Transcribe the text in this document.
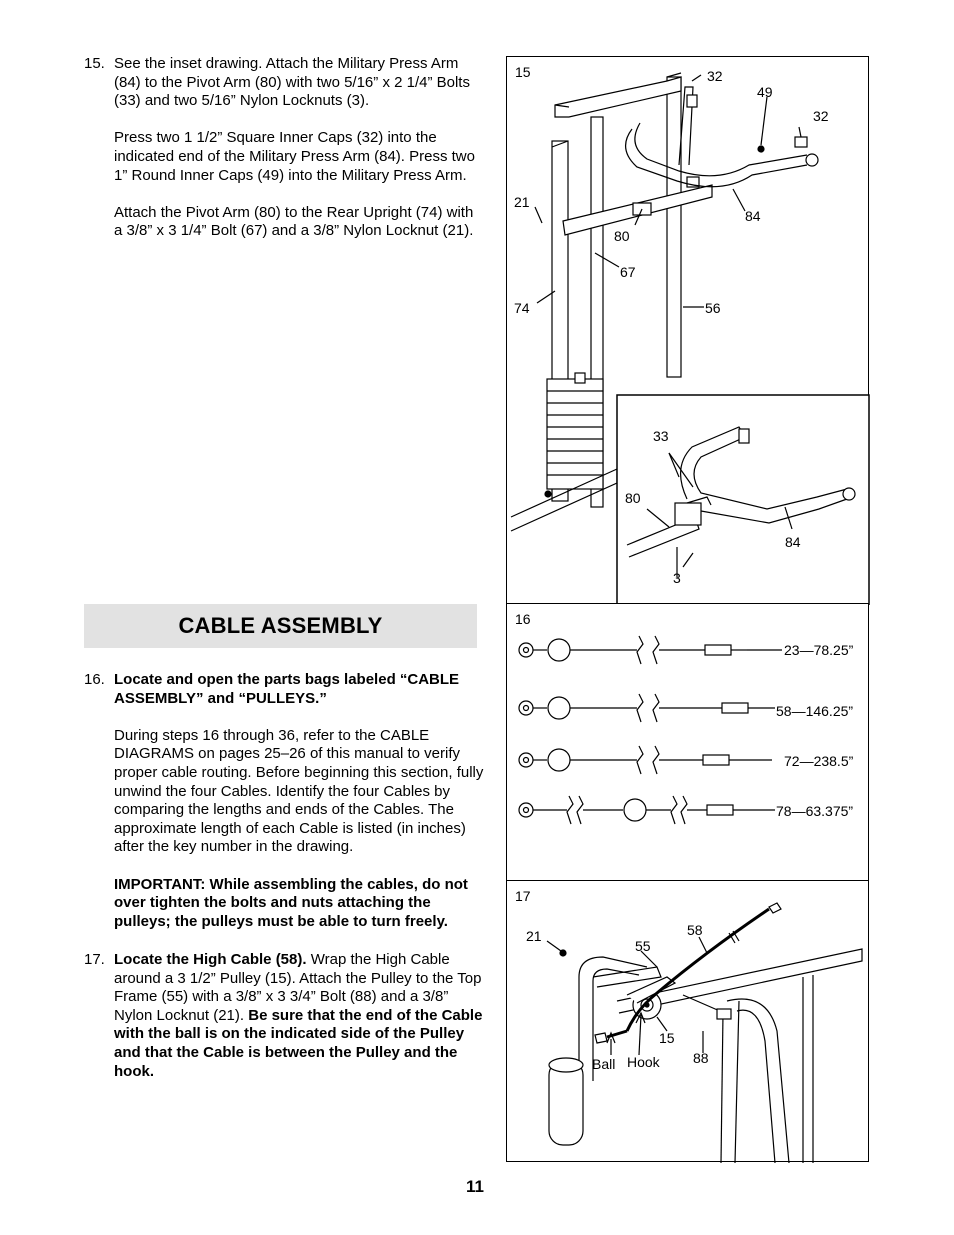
15. See the inset drawing. Attach the Military Press Arm (84) to the Pivot Arm (80) with two 5/16” x 2 1/4” Bolts (33) and two 5/16” Nylon Locknuts (3).

Press two 1 1/2” Square Inner Caps (32) into the indicated end of the Military Press Arm (84). Press two 1” Round Inner Caps (49) into the Military Press Arm.

Attach the Pivot Arm (80) to the Rear Upright (74) with a 3/8” x 3 1/4” Bolt (67) and a 3/8” Nylon Locknut (21).

CABLE ASSEMBLY
16. Locate and open the parts bags labeled “CABLE ASSEMBLY” and “PULLEYS.”

During steps 16 through 36, refer to the CABLE DIAGRAMS on pages 25–26 of this manual to verify proper cable routing. Before beginning this section, fully unwind the four Cables. Identify the four Cables by comparing the lengths and ends of the Cables. The approximate length of each Cable is listed (in inches) after the key number in the drawing.

IMPORTANT: While assembling the cables, do not over tighten the bolts and nuts attaching the pulleys; the pulleys must be able to turn freely.

17. Locate the High Cable (58). Wrap the High Cable around a 3 1/2” Pulley (15). Attach the Pulley to the Top Frame (55) with a 3/8” x 3 3/4” Bolt (88) and a 3/8” Nylon Locknut (21). Be sure that the end of the Cable with the ball is on the indicated side of the Pulley and that the Cable is between the Pulley and the hook.

11
15	32
49
32
21
80
84
67
74	56
33
80
84
3
16
23—78.25”
58—146.25”
72—238.5”
78—63.375”
17
21
55
58
15
88
Ball Hook
